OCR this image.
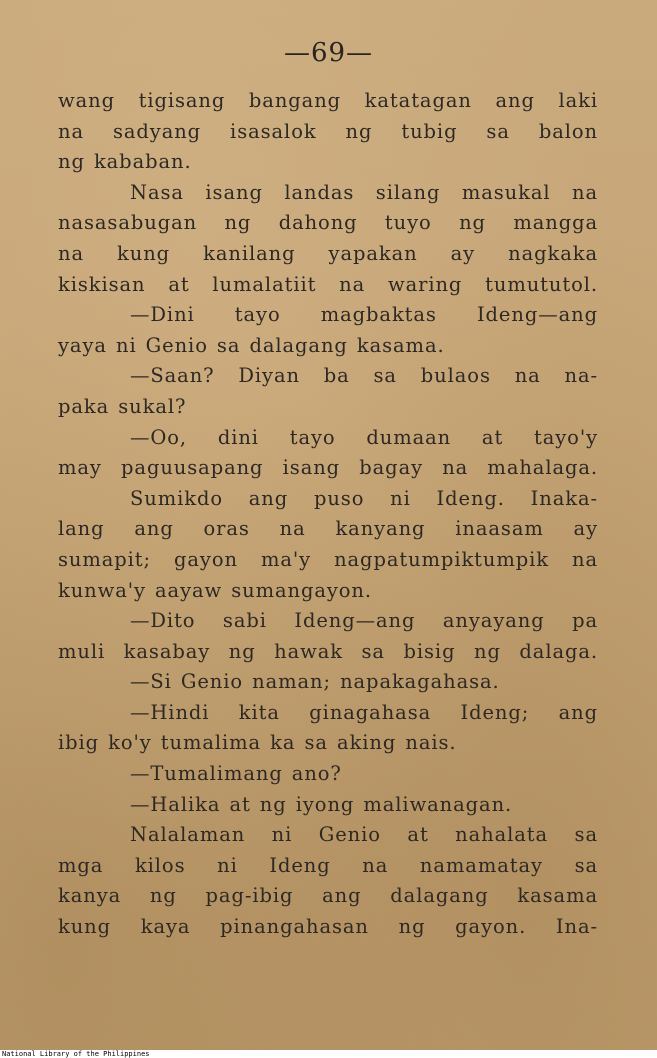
—69—
wang tigisang bangang katatagan ang laki
na sadyang isasalok ng tubig sa balon
ng kababan.
Nasa isang landas silang masukal na
nasasabugan ng dahong tuyo ng mangga
na kung kanilang yapakan ay nagkaka
kiskisan at lumalatiit na waring tumututol.
—Dini tayo magbaktas Ideng—ang
yaya ni Genio sa dalagang kasama.
—Saan? Diyan ba sa bulaos na na-
paka sukal?
—Oo, dini tayo dumaan at tayo'y
may paguusapang isang bagay na mahalaga.
Sumikdo ang puso ni Ideng. Inaka-
lang ang oras na kanyang inaasam ay
sumapit; gayon ma'y nagpatumpiktumpik na
kunwa'y aayaw sumangayon.
—Dito sabi Ideng—ang anyayang pa
muli kasabay ng hawak sa bisig ng dalaga.
—Si Genio naman; napakagahasa.
—Hindi kita ginagahasa Ideng; ang
ibig ko'y tumalima ka sa aking nais.
—Tumalimang ano?
—Halika at ng iyong maliwanagan.
Nalalaman ni Genio at nahalata sa
mga kilos ni Ideng na namamatay sa
kanya ng pag-ibig ang dalagang kasama
kung kaya pinangahasan ng gayon. Ina-
National Library of the Philippines
